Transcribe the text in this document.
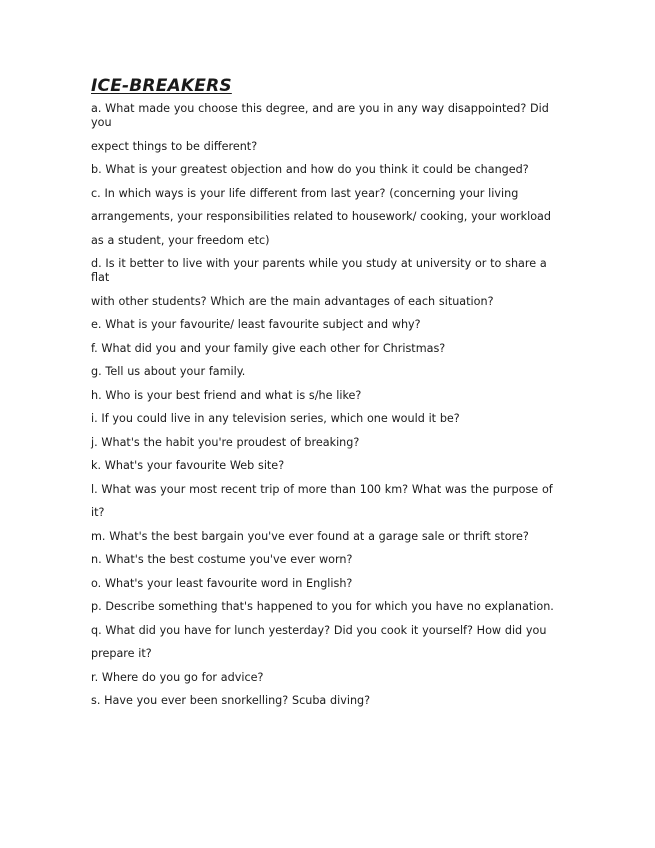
ICE-BREAKERS

a. What made you choose this degree, and are you in any way disappointed? Did you

expect things to be different?

b. What is your greatest objection and how do you think it could be changed?

c. In which ways is your life different from last year? (concerning your living

arrangements, your responsibilities related to housework/ cooking, your workload

as a student, your freedom etc)

d. Is it better to live with your parents while you study at university or to share a flat

with other students? Which are the main advantages of each situation?

e. What is your favourite/ least favourite subject and why?

f. What did you and your family give each other for Christmas?

g. Tell us about your family.

h. Who is your best friend and what is s/he like?

i. If you could live in any television series, which one would it be?

j. What's the habit you're proudest of breaking?

k. What's your favourite Web site?

l. What was your most recent trip of more than 100 km? What was the purpose of

it?

m. What's the best bargain you've ever found at a garage sale or thrift store?

n. What's the best costume you've ever worn?

o. What's your least favourite word in English?

p. Describe something that's happened to you for which you have no explanation.

q. What did you have for lunch yesterday? Did you cook it yourself? How did you

prepare it?

r. Where do you go for advice?

s. Have you ever been snorkelling? Scuba diving?
